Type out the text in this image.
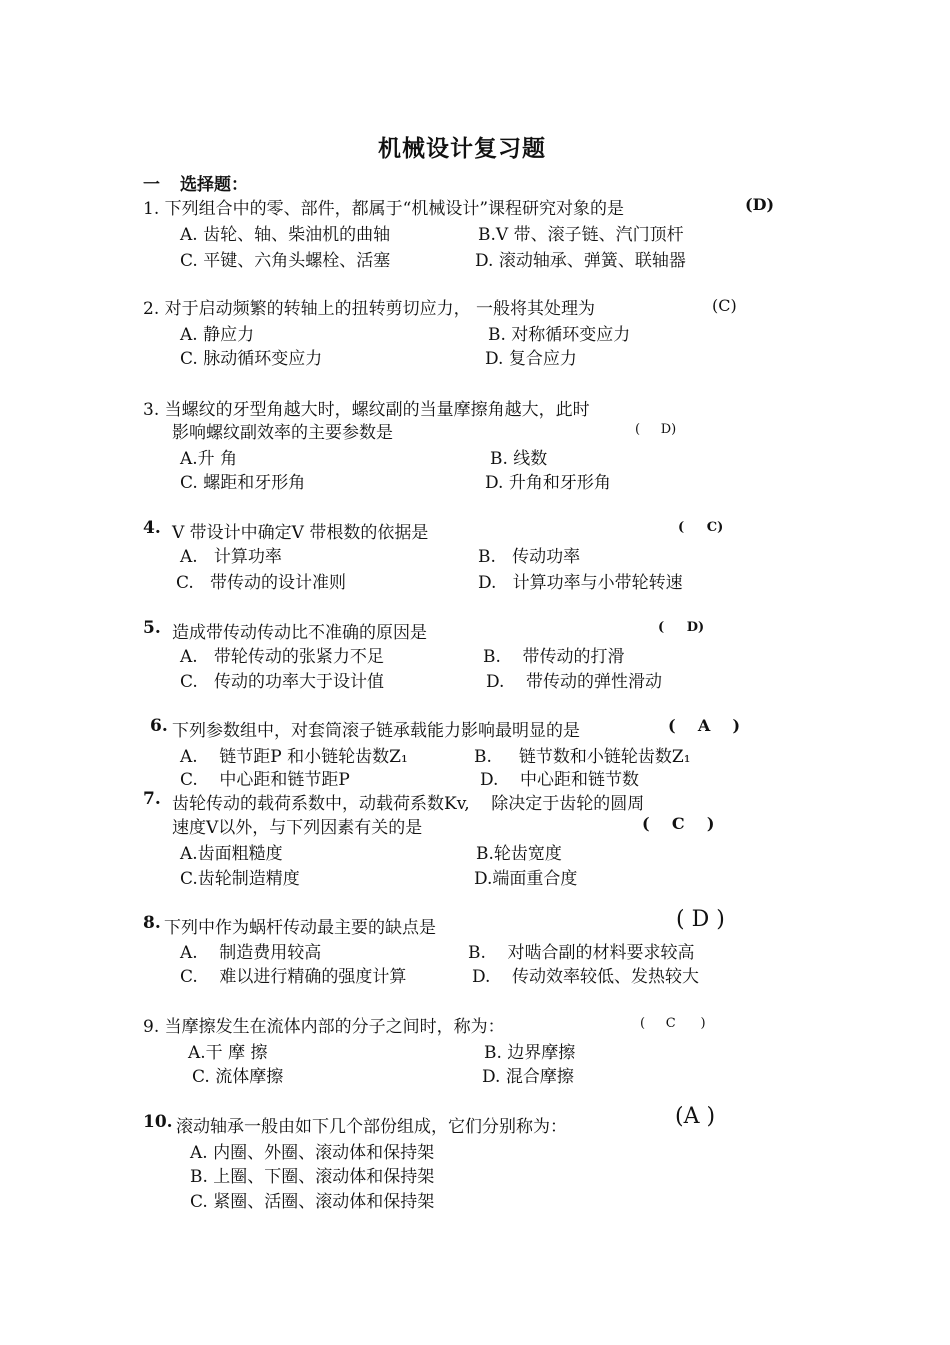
机械设计复习题
一 选择题：
1. 下列组合中的零、部件，都属于“机械设计”课程研究对象的是	(D)
A. 齿轮、轴、柴油机的曲轴	B.V 带、滚子链、汽门顶杆
C. 平键、六角头螺栓、活塞	D. 滚动轴承、弹簧、联轴器
2. 对于启动频繁的转轴上的扭转剪切应力， 一般将其处理为	(C)
A. 静应力	B. 对称循环变应力
C. 脉动循环变应力	D. 复合应力
3. 当螺纹的牙型角越大时，螺纹副的当量摩擦角越大，此时
影响螺纹副效率的主要参数是	(     D)
A.升 角	B. 线数
C. 螺距和牙形角	D. 升角和牙形角
4. V 带设计中确定V 带根数的依据是	(     C)
A.   计算功率	B.   传动功率
C.   带传动的设计准则	D.   计算功率与小带轮转速
5. 造成带传动传动比不准确的原因是	(     D)
A.   带轮传动的张紧力不足	B.    带传动的打滑
C.   传动的功率大于设计值	D.    带传动的弹性滑动
6. 下列参数组中，对套筒滚子链承载能力影响最明显的是	(    A    )
A.    链节距P 和小链轮齿数Z₁	B.     链节数和小链轮齿数Z₁
C.    中心距和链节距P	D.    中心距和链节数
7. 齿轮传动的载荷系数中，动载荷系数Kv,    除决定于齿轮的圆周
速度V以外，与下列因素有关的是	(    C    )
A.齿面粗糙度	B.轮齿宽度
C.齿轮制造精度	D.端面重合度
8. 下列中作为蜗杆传动最主要的缺点是	( D )
A.    制造费用较高	B.    对啮合副的材料要求较高
C.    难以进行精确的强度计算	D.    传动效率较低、发热较大
9. 当摩擦发生在流体内部的分子之间时，称为：	(     C      )
A.干 摩 擦	B. 边界摩擦
C. 流体摩擦	D. 混合摩擦
10. 滚动轴承一般由如下几个部份组成，它们分别称为：	(A )
A. 内圈、外圈、滚动体和保持架
B. 上圈、下圈、滚动体和保持架
C. 紧圈、活圈、滚动体和保持架
